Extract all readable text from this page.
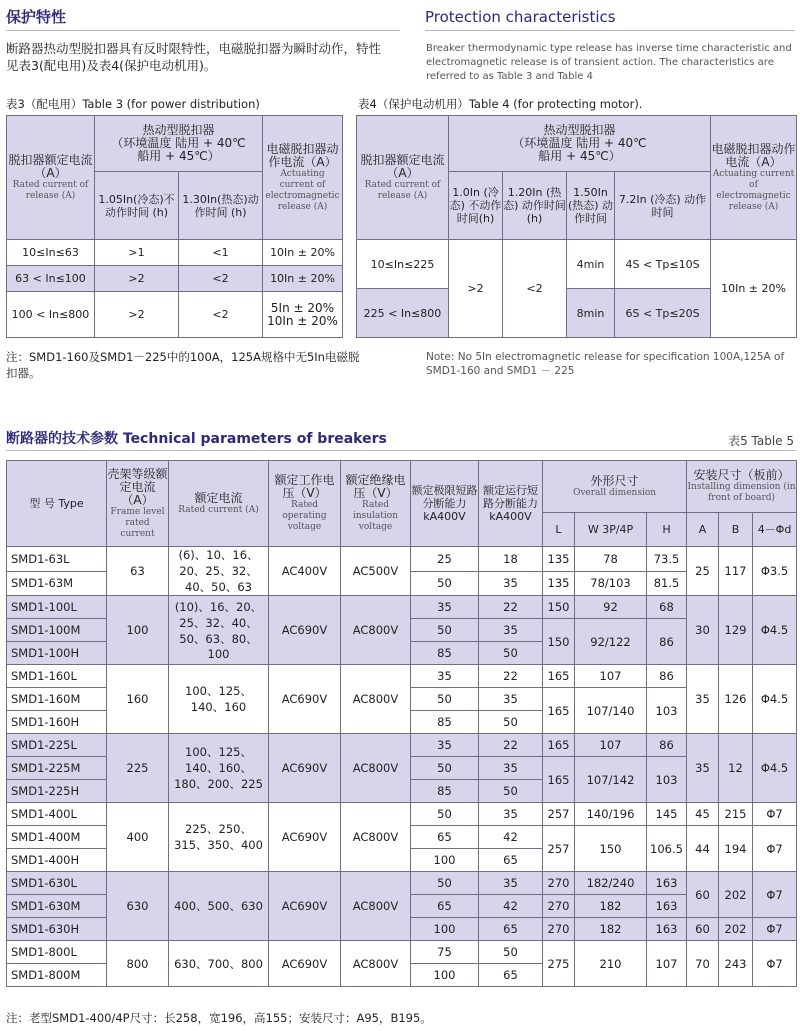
保护特性	Protection characteristics
断路器热动型脱扣器具有反时限特性，电磁脱扣器为瞬时动作，特性见表3(配电用)及表4(保护电动机用)。
Breaker thermodynamic type release has inverse time characteristic and electromagnetic release is of transient action. The characteristics are referred to as Table 3 and Table 4
表3（配电用）Table 3 (for power distribution)	表4（保护电动机用）Table 4 (for protecting motor).
脱扣器额定电流（A）
Rated current of release (A)	热动型脱扣器
（环境温度 陆用 + 40℃
船用 + 45℃）		电磁脱扣器动作电流（A）
Actuating current of electromagnetic release (A)

	1.05In(冷态)不动作时间 (h)	1.30In(热态)动作时间 (h)	
10≤In≤63	>1	<1	10In ± 20%
63 < In≤100	>2	<2	10In ± 20%
100 < In≤800	>2	<2	5In ± 20%
10In ± 20%
脱扣器额定电流（A）
Rated current of release (A)	热动型脱扣器
（环境温度 陆用 + 40℃
船用 + 45℃）				电磁脱扣器动作电流（A）
Actuating current of electromagnetic release (A)

	1.0In (冷态) 不动作时间(h)	1.20In (热态) 动作时间 (h)	1.50In (热态) 动作时间	7.2In (冷态) 动作时间	
10≤In≤225	>2	<2	4min	4S < Tp≤10S	10In ± 20%
225 < In≤800			8min	6S < Tp≤20S	
注：SMD1-160及SMD1－225中的100A，125A规格中无5In电磁脱扣器。
Note: No 5In electromagnetic release for specification 100A,125A of SMD1-160 and SMD1 － 225
断路器的技术参数 Technical parameters of breakers	表5 Table 5
型 号 Type	壳架等级额定电流（A）
Frame level rated current	额定电流
Rated current (A)	额定工作电压（V）
Rated operating voltage	额定绝缘电压（V）
Rated insulation voltage	额定极限短路分断能力 kA400V	额定运行短路分断能力 kA400V	外形尺寸
Overall dimension			安装尺寸（板前）
Installing dimension (in front of board)		

							L	W 3P/4P	H	A	B	4－Φd
SMD1-63L	63	(6)、10、16、20、25、32、40、50、63	AC400V	AC500V	25	18	135	78	73.5	25	117	Φ3.5
SMD1-63M					50	35	135	78/103	81.5			
SMD1-100L	100	(10)、16、20、25、32、40、50、63、80、100	AC690V	AC800V	35	22	150	92	68	30	129	Φ4.5
SMD1-100M					50	35	150	92/122	86			
SMD1-100H					85	50						
SMD1-160L	160	100、125、140、160	AC690V	AC800V	35	22	165	107	86	35	126	Φ4.5
SMD1-160M					50	35	165	107/140	103			
SMD1-160H					85	50						
SMD1-225L	225	100、125、140、160、180、200、225	AC690V	AC800V	35	22	165	107	86	35	12	Φ4.5
SMD1-225M					50	35	165	107/142	103			
SMD1-225H					85	50						
SMD1-400L	400	225、250、315、350、400	AC690V	AC800V	50	35	257	140/196	145	45	215	Φ7
SMD1-400M					65	42	257	150	106.5	44	194	Φ7
SMD1-400H					100	65						
SMD1-630L	630	400、500、630	AC690V	AC800V	50	35	270	182/240	163	60	202	Φ7
SMD1-630M					65	42	270	182	163			
SMD1-630H					100	65	270	182	163	60	202	Φ7
SMD1-800L	800	630、700、800	AC690V	AC800V	75	50	275	210	107	70	243	Φ7
SMD1-800M					100	65						
注：老型SMD1-400/4P尺寸：长258，宽196，高155；安装尺寸：A95，B195。
